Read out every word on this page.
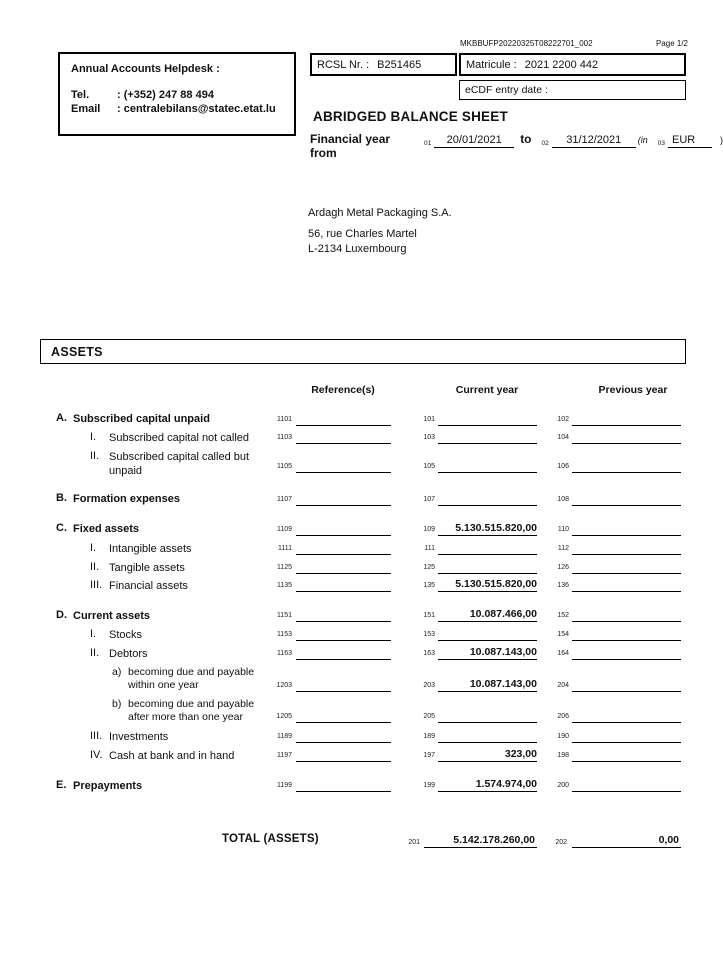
Annual Accounts Helpdesk :
Tel.	: (+352) 247 88 494
Email	: centralebilans@statec.etat.lu
MKBBUFP20220325T08222701_002	Page 1/2
RCSL Nr. : B251465	Matricule : 2021 2200 442
eCDF entry date :
ABRIDGED BALANCE SHEET
Financial year from
01	20/01/2021	to 02	31/12/2021	(in 03 EUR	)
Ardagh Metal Packaging S.A.
56, rue Charles Martel
L-2134 Luxembourg
ASSETS
Reference(s)	Current year	Previous year
A. Subscribed capital unpaid	1101	101	102
I. Subscribed capital not called	1103	103	104
II. Subscribed capital called but
unpaid	1105	105	106
B. Formation expenses	1107	107	108
C. Fixed assets	1109	109 5.130.515.820,00	110
I. Intangible assets	1111	111	112
II. Tangible assets	1125	125	126
III. Financial assets	1135	135 5.130.515.820,00	136
D. Current assets	1151	151	10.087.466,00	152
I. Stocks	1153	153	154
II. Debtors	1163	163	10.087.143,00	164
a) becoming due and payable
within one year	1203	203	10.087.143,00	204
b) becoming due and payable
after more than one year	1205	205	206
III. Investments	1189	189	190
IV. Cash at bank and in hand	1197	197	323,00	198
E. Prepayments	1199	199	1.574.974,00	200
TOTAL (ASSETS)	201	5.142.178.260,00	202	0,00
